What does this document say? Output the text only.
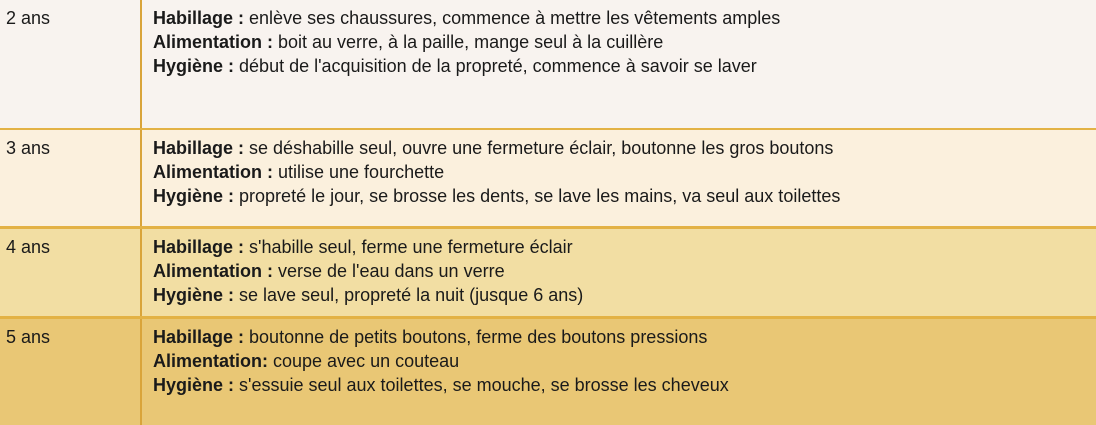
2 ans	Habillage : enlève ses chaussures, commence à mettre les vêtements amples
Alimentation : boit au verre, à la paille, mange seul à la cuillère
Hygiène : début de l'acquisition de la propreté, commence à savoir se laver
3 ans	Habillage : se déshabille seul, ouvre une fermeture éclair, boutonne les gros boutons
Alimentation : utilise une fourchette
Hygiène : propreté le jour, se brosse les dents, se lave les mains, va seul aux toilettes
4 ans	Habillage : s'habille seul, ferme une fermeture éclair
Alimentation : verse de l'eau dans un verre
Hygiène : se lave seul, propreté la nuit (jusque 6 ans)
5 ans	Habillage : boutonne de petits boutons, ferme des boutons pressions
Alimentation: coupe avec un couteau
Hygiène : s'essuie seul aux toilettes, se mouche, se brosse les cheveux
